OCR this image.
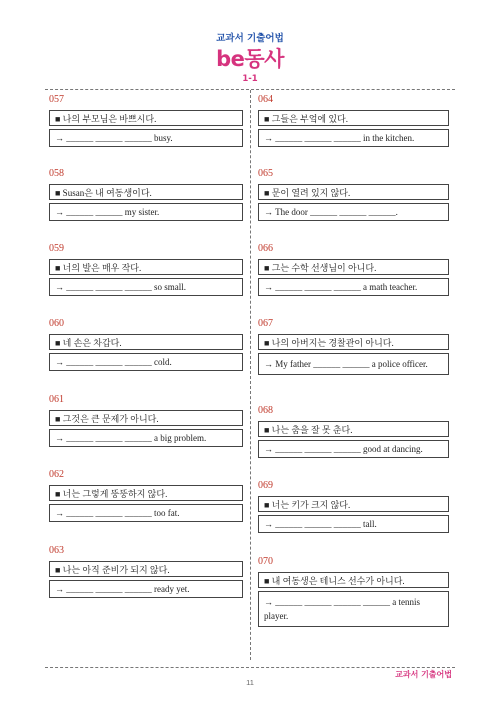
교과서 기출어법
be동사
1-1
057
■ 나의 부모님은 바쁘시다.
→ ______ ______ ______ busy.
058
■ Susan은 내 여동생이다.
→ ______ ______ my sister.
059
■ 너의 발은 매우 작다.
→ ______ ______ ______ so small.
060
■ 네 손은 차갑다.
→ ______ ______ ______ cold.
061
■ 그것은 큰 문제가 아니다.
→ ______ ______ ______ a big problem.
062
■ 너는 그렇게 뚱뚱하지 않다.
→ ______ ______ ______ too fat.
063
■ 나는 아직 준비가 되지 않다.
→ ______ ______ ______ ready yet.
064
■ 그들은 부엌에 있다.
→ ______ ______ ______ in the kitchen.
065
■ 문이 열려 있지 않다.
→ The door ______ ______ ______.
066
■ 그는 수학 선생님이 아니다.
→ ______ ______ ______ a math teacher.
067
■ 나의 아버지는 경찰관이 아니다.
→ My father ______ ______ a police officer.
068
■ 나는 춤을 잘 못 춘다.
→ ______ ______ ______ good at dancing.
069
■ 너는 키가 크지 않다.
→ ______ ______ ______ tall.
070
■ 내 여동생은 테니스 선수가 아니다.
→ ______ ______ ______ ______ a tennis player.
11
교과서 기출어법
